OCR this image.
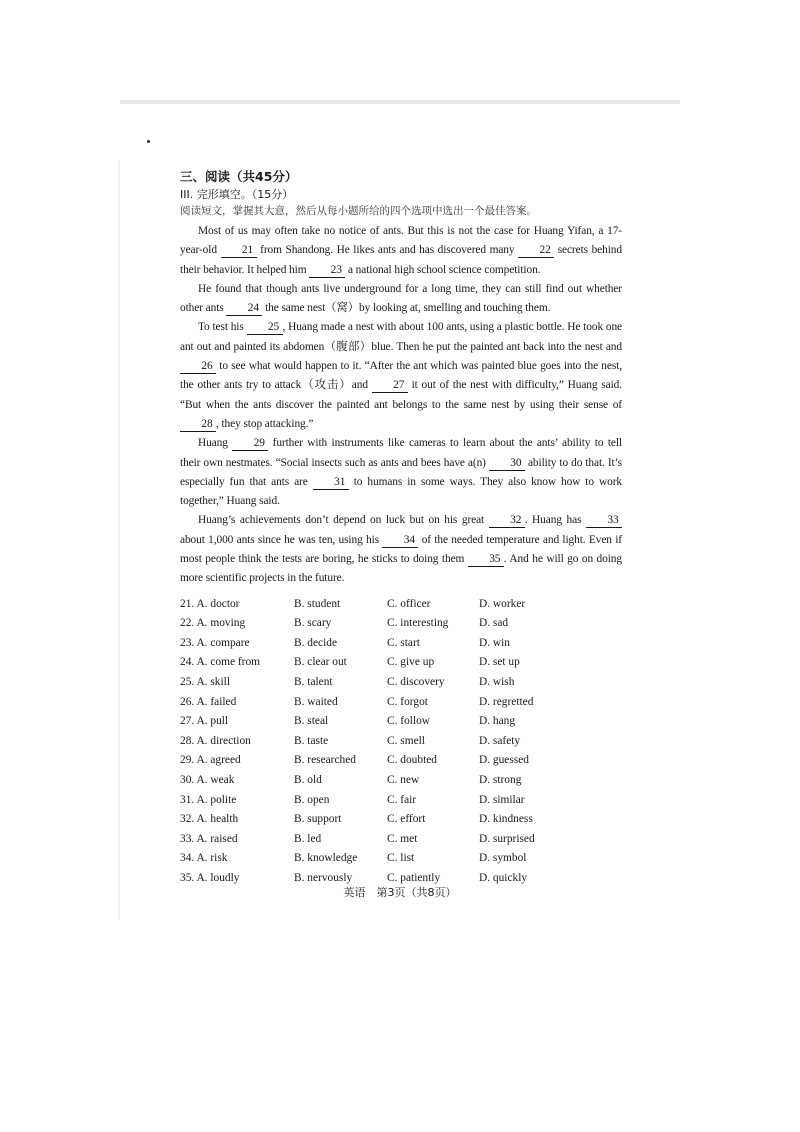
三、阅读（共45分）

III. 完形填空。（15分）

阅读短文，掌握其大意，然后从每小题所给的四个选项中选出一个最佳答案。

Most of us may often take no notice of ants. But this is not the case for Huang Yifan, a 17-year-old 21 from Shandong. He likes ants and has discovered many 22 secrets behind their behavior. It helped him 23 a national high school science competition.

He found that though ants live underground for a long time, they can still find out whether other ants 24 the same nest（窝）by looking at, smelling and touching them.

To test his 25 , Huang made a nest with about 100 ants, using a plastic bottle. He took one ant out and painted its abdomen（腹部）blue. Then he put the painted ant back into the nest and 26 to see what would happen to it. “After the ant which was painted blue goes into the nest, the other ants try to attack（攻击）and 27 it out of the nest with difficulty,” Huang said. “But when the ants discover the painted ant belongs to the same nest by using their sense of 28 , they stop attacking.”

Huang 29 further with instruments like cameras to learn about the ants’ ability to tell their own nestmates. “Social insects such as ants and bees have a(n) 30 ability to do that. It’s especially fun that ants are 31 to humans in some ways. They also know how to work together,” Huang said.

Huang’s achievements don’t depend on luck but on his great 32 . Huang has 33 about 1,000 ants since he was ten, using his 34 of the needed temperature and light. Even if most people think the tests are boring, he sticks to doing them 35 . And he will go on doing more scientific projects in the future.

21. A. doctor	B. student	C. officer	D. worker
22. A. moving	B. scary	C. interesting	D. sad
23. A. compare	B. decide	C. start	D. win
24. A. come from	B. clear out	C. give up	D. set up
25. A. skill	B. talent	C. discovery	D. wish
26. A. failed	B. waited	C. forgot	D. regretted
27. A. pull	B. steal	C. follow	D. hang
28. A. direction	B. taste	C. smell	D. safety
29. A. agreed	B. researched	C. doubted	D. guessed
30. A. weak	B. old	C. new	D. strong
31. A. polite	B. open	C. fair	D. similar
32. A. health	B. support	C. effort	D. kindness
33. A. raised	B. led	C. met	D. surprised
34. A. risk	B. knowledge	C. list	D. symbol
35. A. loudly	B. nervously	C. patiently	D. quickly
英语　第3页（共8页）
